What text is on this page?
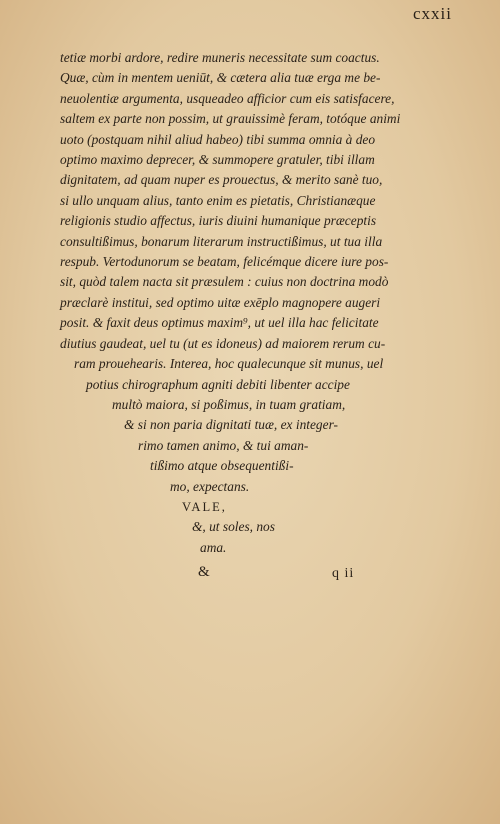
cxxii
tetiæ morbi ardore, redire muneris necessitate sum coactus.
Quæ, cùm in mentem ueniūt, & cætera alia tuæ erga me be-
neuolentiæ argumenta, usqueadeo afficior cum eis satisfacere,
saltem ex parte non possim, ut grauissimè feram, totóque animi
uoto (postquam nihil aliud habeo) tibi summa omnia à deo
optimo maximo deprecer, & summopere gratuler, tibi illam
dignitatem, ad quam nuper es prouectus, & merito sanè tuo,
si ullo unquam alius, tanto enim es pietatis, Christianæque
religionis studio affectus, iuris diuini humanique præceptis
consultißimus, bonarum literarum instructißimus, ut tua illa
respub. Vertodunorum se beatam, felicémque dicere iure pos-
sit, quòd talem nacta sit præsulem : cuius non doctrina modò
præclarè institui, sed optimo uitæ exēplo magnopere augeri
posit. & faxit deus optimus maxim⁹, ut uel illa hac felicitate
diutius gaudeat, uel tu (ut es idoneus) ad maiorem rerum cu-
ram prouehearis. Interea, hoc qualecunque sit munus, uel
potius chirographum agniti debiti libenter accipe
multò maiora, si poßimus, in tuam gratiam,
& si non paria dignitati tuæ, ex integer-
rimo tamen animo, & tui aman-
tißimo atque obsequentißi-
mo, expectans.
VALE,
&, ut soles, nos
ama.
&	q ii
